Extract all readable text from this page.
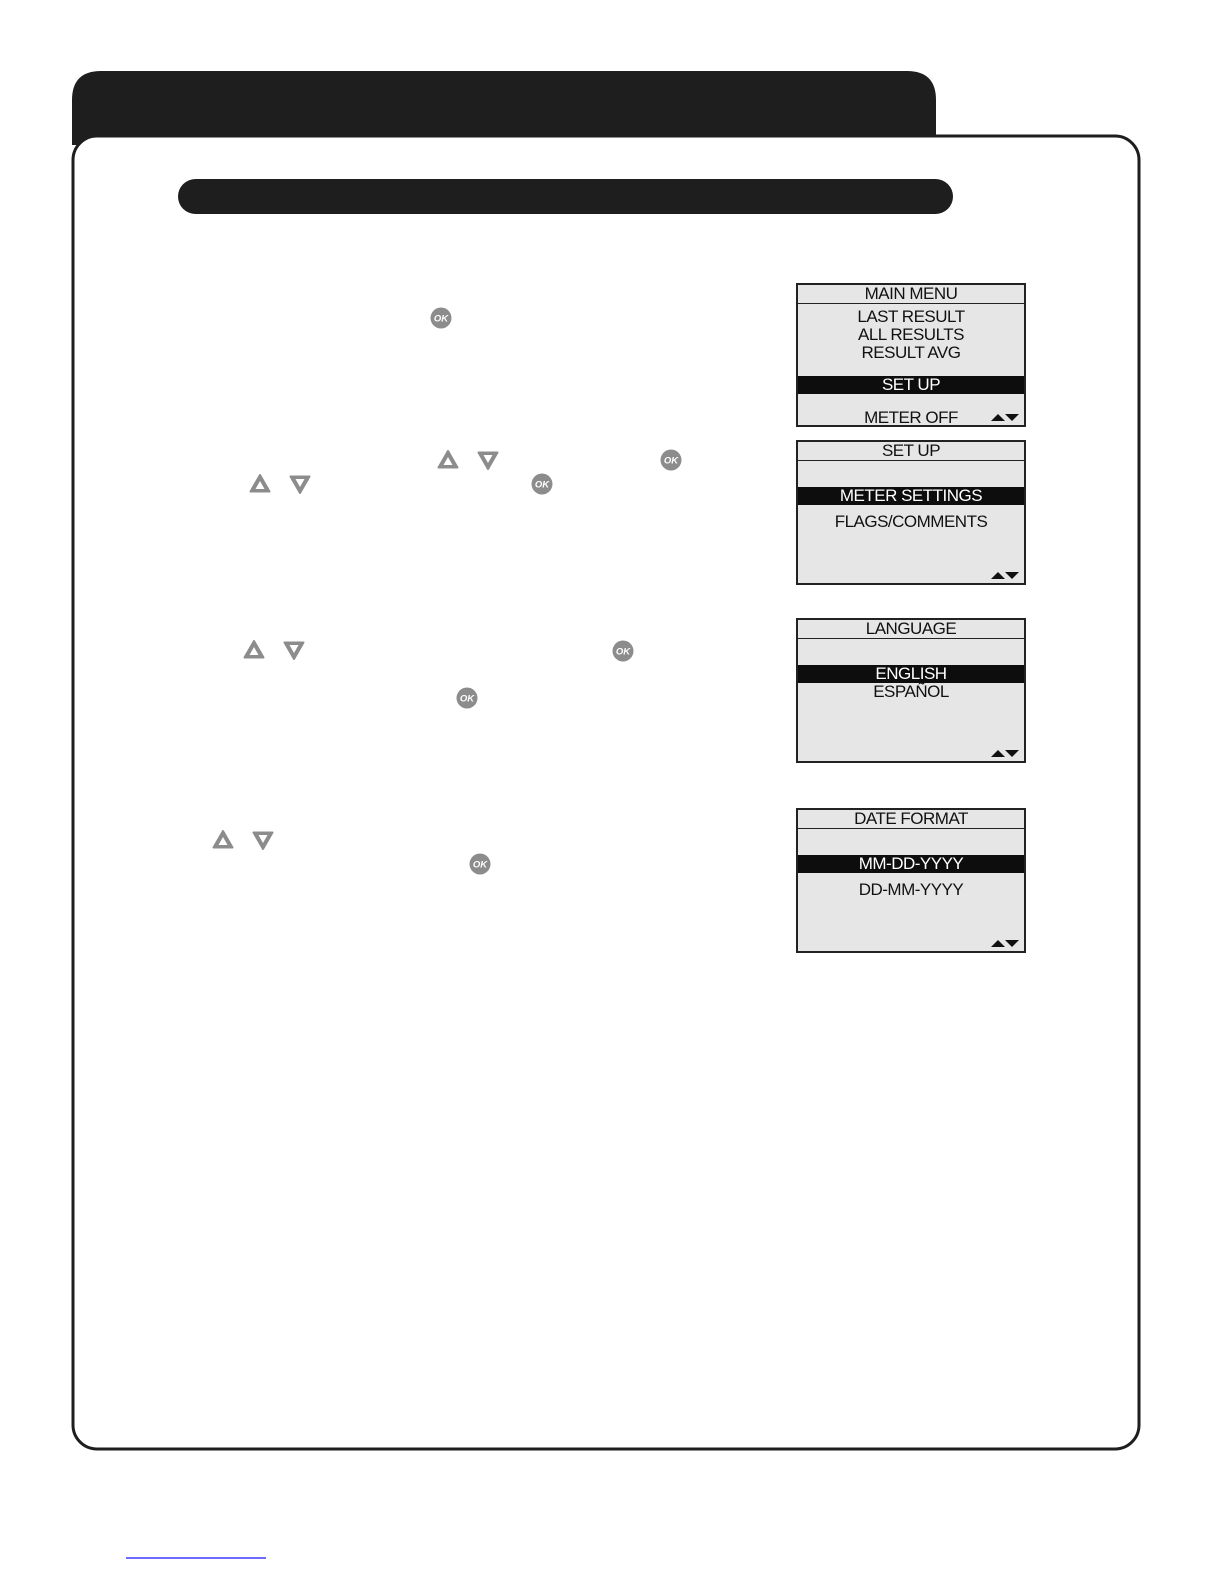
OK
OK
OK
OK
OK
OK
MAIN MENU
LAST RESULT
ALL RESULTS
RESULT AVG
SET UP
METER OFF
SET UP
METER SETTINGS
FLAGS/COMMENTS
LANGUAGE
ENGLISH
ESPAÑOL
DATE FORMAT
MM-DD-YYYY
DD-MM-YYYY
